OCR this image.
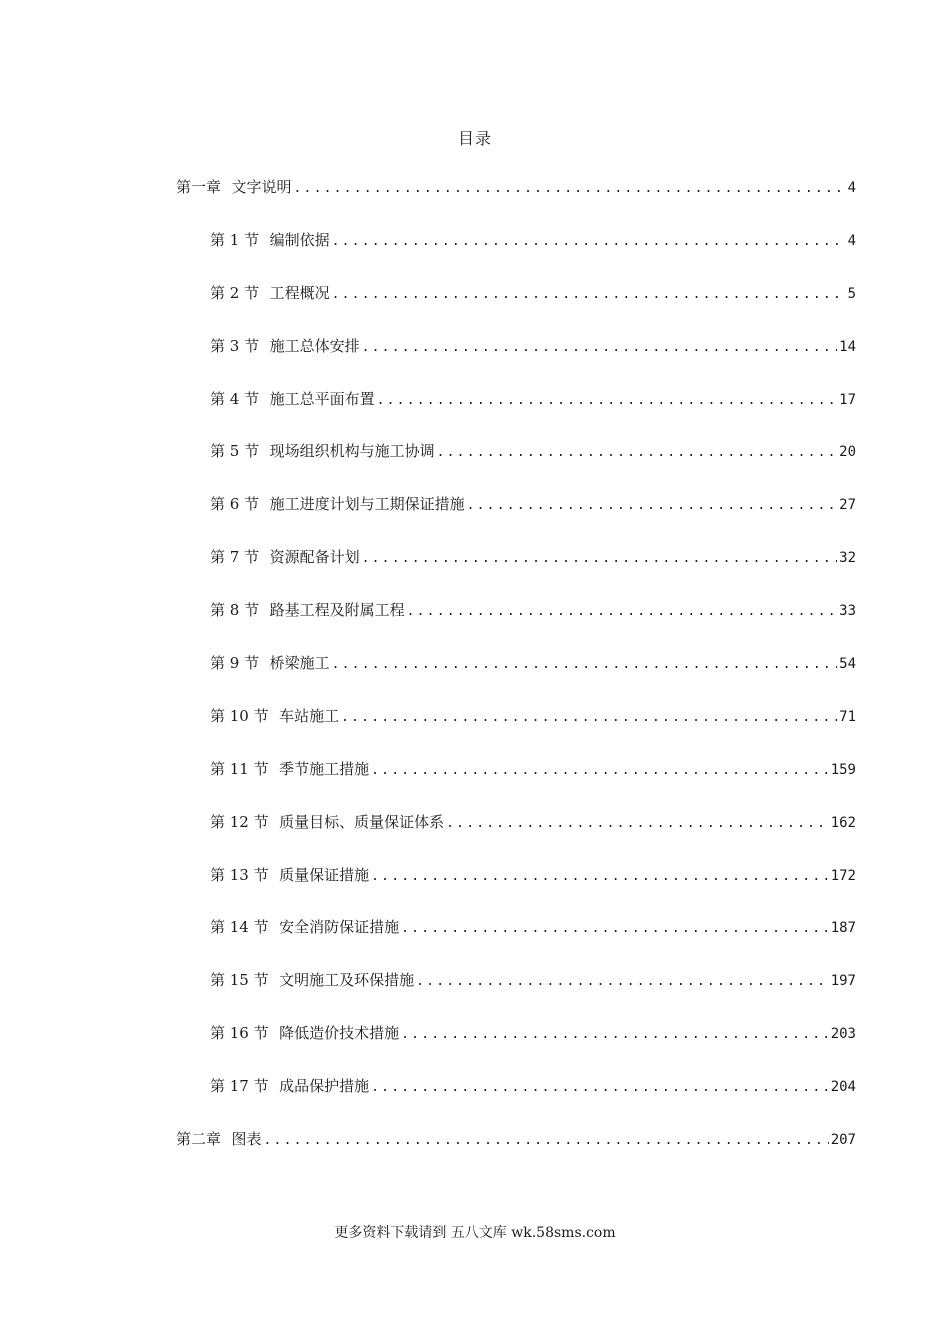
目录
第一章 文字说明 .....	4
第 1 节 编制依据 .....	4
第 2 节 工程概况 .....	5
第 3 节 施工总体安排 .....	14
第 4 节 施工总平面布置 .....	17
第 5 节 现场组织机构与施工协调 .....	20
第 6 节 施工进度计划与工期保证措施 .....	27
第 7 节 资源配备计划 .....	32
第 8 节 路基工程及附属工程 .....	33
第 9 节 桥梁施工 .....	54
第 10 节 车站施工 .....	71
第 11 节 季节施工措施 .....	159
第 12 节 质量目标、质量保证体系 .....	162
第 13 节 质量保证措施 .....	172
第 14 节 安全消防保证措施 .....	187
第 15 节 文明施工及环保措施 .....	197
第 16 节 降低造价技术措施 .....	203
第 17 节 成品保护措施 .....	204
第二章 图表 .....	207
更多资料下载请到 五八文库 wk.58sms.com
